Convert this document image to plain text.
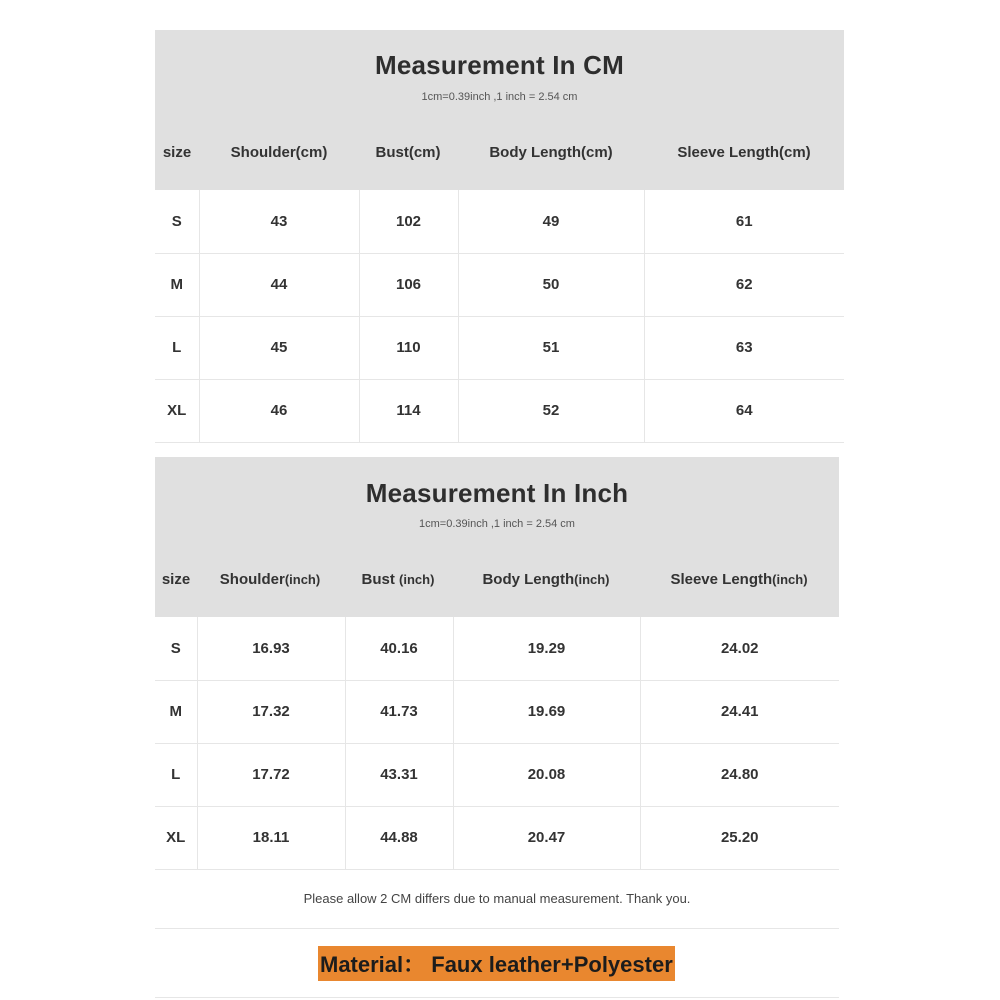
Measurement In CM
1cm=0.39inch ,1 inch = 2.54 cm
size	Shoulder(cm)	Bust(cm)	Body Length(cm)	Sleeve Length(cm)
S	43	102	49	61
M	44	106	50	62
L	45	110	51	63
XL	46	114	52	64
Measurement In Inch
1cm=0.39inch ,1 inch = 2.54 cm
size Shoulder(inch)	Bust (inch)	Body Length(inch)	Sleeve Length(inch)
S	16.93	40.16	19.29	24.02
M	17.32	41.73	19.69	24.41
L	17.72	43.31	20.08	24.80
XL	18.11	44.88	20.47	25.20
Please allow 2 CM differs due to manual measurement. Thank you.
Material： Faux leather+Polyester
